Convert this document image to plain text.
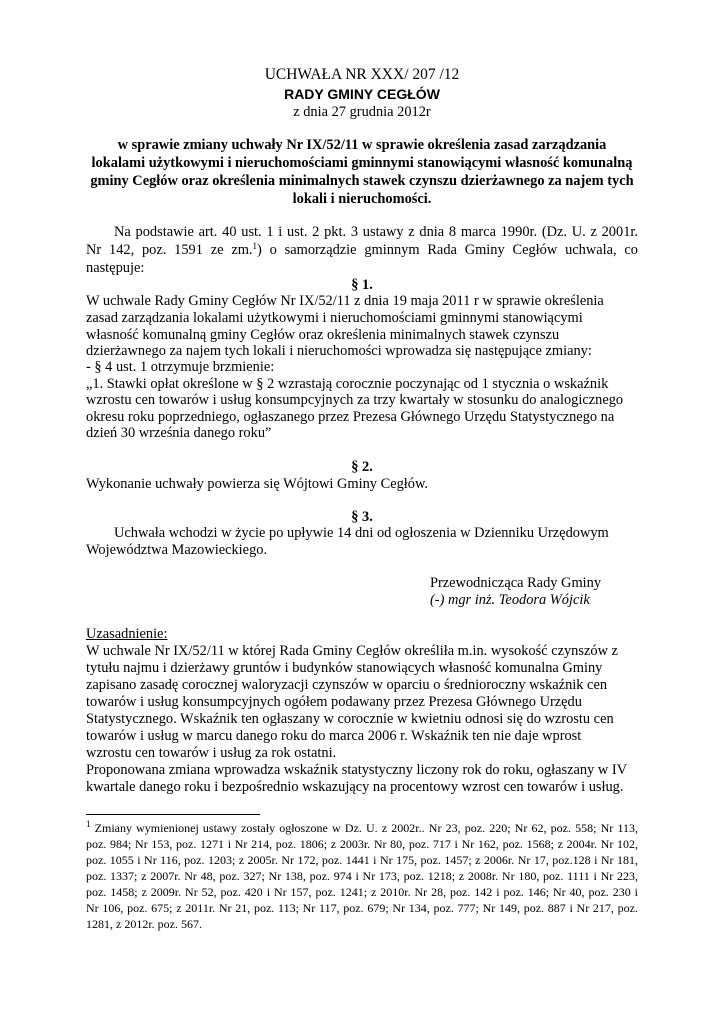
UCHWAŁA NR XXX/ 207 /12
RADY GMINY CEGŁÓW
z dnia 27 grudnia 2012r
w sprawie zmiany uchwały Nr IX/52/11 w sprawie określenia zasad zarządzania
lokalami użytkowymi i nieruchomościami gminnymi stanowiącymi własność komunalną
gminy Cegłów oraz określenia minimalnych stawek czynszu dzierżawnego za najem tych
lokali i nieruchomości.
Na podstawie art. 40 ust. 1 i ust. 2 pkt. 3 ustawy z dnia 8 marca 1990r. (Dz. U. z 2001r.
Nr 142, poz. 1591 ze zm.$^1$) o samorządzie gminnym Rada Gminy Cegłów uchwala, co
następuje:
§ 1.
W uchwale Rady Gminy Cegłów Nr IX/52/11 z dnia 19 maja 2011 r w sprawie określenia
zasad zarządzania lokalami użytkowymi i nieruchomościami gminnymi stanowiącymi
własność komunalną gminy Cegłów oraz określenia minimalnych stawek czynszu
dzierżawnego za najem tych lokali i nieruchomości wprowadza się następujące zmiany:
- § 4 ust. 1 otrzymuje brzmienie:
„1. Stawki opłat określone w § 2 wzrastają corocznie poczynając od 1 stycznia o wskaźnik
wzrostu cen towarów i usług konsumpcyjnych za trzy kwartały w stosunku do analogicznego
okresu roku poprzedniego, ogłaszanego przez Prezesa Głównego Urzędu Statystycznego na
dzień 30 września danego roku”
§ 2.
Wykonanie uchwały powierza się Wójtowi Gminy Cegłów.
§ 3.
Uchwała wchodzi w życie po upływie 14 dni od ogłoszenia w Dzienniku Urzędowym
Województwa Mazowieckiego.
Przewodnicząca Rady Gminy
(-) mgr inż. Teodora Wójcik
Uzasadnienie:
W uchwale Nr IX/52/11 w której Rada Gminy Cegłów określiła m.in. wysokość czynszów z
tytułu najmu i dzierżawy gruntów i budynków stanowiących własność komunalna Gminy
zapisano zasadę corocznej waloryzacji czynszów w oparciu o średnioroczny wskaźnik cen
towarów i usług konsumpcyjnych ogółem podawany przez Prezesa Głównego Urzędu
Statystycznego. Wskaźnik ten ogłaszany w corocznie w kwietniu odnosi się do wzrostu cen
towarów i usług w marcu danego roku do marca 2006 r. Wskaźnik ten nie daje wprost
wzrostu cen towarów i usług za rok ostatni.
Proponowana zmiana wprowadza wskaźnik statystyczny liczony rok do roku, ogłaszany w IV
kwartale danego roku i bezpośrednio wskazujący na procentowy wzrost cen towarów i usług.
$^1$ Zmiany wymienionej ustawy zostały ogłoszone w Dz. U. z 2002r.. Nr 23, poz. 220; Nr 62, poz. 558; Nr 113,
poz. 984; Nr 153, poz. 1271 i Nr 214, poz. 1806; z 2003r. Nr 80, poz. 717 i Nr 162, poz. 1568; z 2004r. Nr 102,
poz. 1055 i Nr 116, poz. 1203; z 2005r. Nr 172, poz. 1441 i Nr 175, poz. 1457; z 2006r. Nr 17, poz.128 i Nr 181,
poz. 1337; z 2007r. Nr 48, poz. 327; Nr 138, poz. 974 i Nr 173, poz. 1218; z 2008r. Nr 180, poz. 1111 i Nr 223,
poz. 1458; z 2009r. Nr 52, poz. 420 i Nr 157, poz. 1241; z 2010r. Nr 28, poz. 142 i poz. 146; Nr 40, poz. 230 i
Nr 106, poz. 675; z 2011r. Nr 21, poz. 113; Nr 117, poz. 679; Nr 134, poz. 777; Nr 149, poz. 887 i Nr 217, poz.
1281, z 2012r. poz. 567.
